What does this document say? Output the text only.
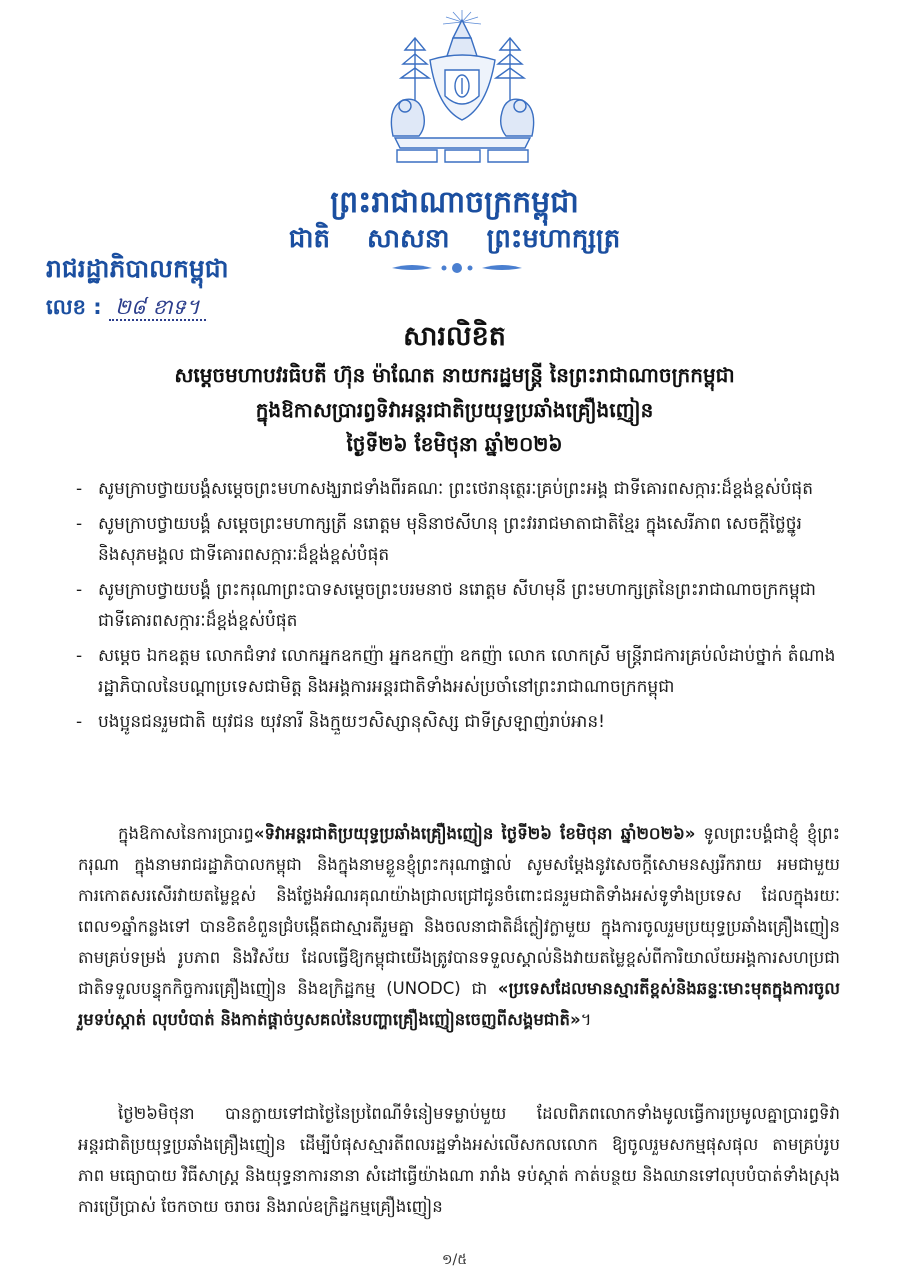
ព្រះរាជាណាចក្រកម្ពុជា
ជាតិ សាសនា ព្រះមហាក្សត្រ
រាជរដ្ឋាភិបាលកម្ពុជា
លេខ : ២៨ ខាទ។
សារលិខិត
សម្តេចមហាបវរធិបតី ហ៊ុន ម៉ាណែត នាយករដ្ឋមន្ត្រី នៃព្រះរាជាណាចក្រកម្ពុជា
ក្នុងឱកាសប្រារព្ធទិវាអន្តរជាតិប្រយុទ្ធប្រឆាំងគ្រឿងញៀន
ថ្ងៃទី២៦ ខែមិថុនា ឆ្នាំ២០២៦
- សូមក្រាបថ្វាយបង្គំសម្តេចព្រះមហាសង្ឃរាជទាំងពីរគណៈ ព្រះថេរានុត្ថេរៈគ្រប់ព្រះអង្គ ជាទីគោរពសក្ការៈដ៏ខ្ពង់ខ្ពស់បំផុត
- សូមក្រាបថ្វាយបង្គំ សម្តេចព្រះមហាក្សត្រី នរោត្តម មុនិនាថសីហនុ ព្រះវររាជមាតាជាតិខ្មែរ ក្នុងសេរីភាព សេចក្តីថ្លៃថ្នូរ និងសុភមង្គល ជាទីគោរពសក្ការៈដ៏ខ្ពង់ខ្ពស់បំផុត
- សូមក្រាបថ្វាយបង្គំ ព្រះករុណាព្រះបាទសម្តេចព្រះបរមនាថ នរោត្តម សីហមុនី ព្រះមហាក្សត្រនៃព្រះរាជាណាចក្រកម្ពុជា ជាទីគោរពសក្ការៈដ៏ខ្ពង់ខ្ពស់បំផុត
- សម្តេច ឯកឧត្តម លោកជំទាវ លោកអ្នកឧកញ៉ា អ្នកឧកញ៉ា ឧកញ៉ា លោក លោកស្រី មន្ត្រីរាជការគ្រប់លំដាប់ថ្នាក់ តំណាងរដ្ឋាភិបាលនៃបណ្តាប្រទេសជាមិត្ត និងអង្គការអន្តរជាតិទាំងអស់ប្រចាំនៅព្រះរាជាណាចក្រកម្ពុជា
- បងប្អូនជនរួមជាតិ យុវជន យុវនារី និងក្មួយៗសិស្សានុសិស្ស ជាទីស្រឡាញ់រាប់អាន!

ក្នុងឱកាសនៃការប្រារព្ធ«ទិវាអន្តរជាតិប្រយុទ្ធប្រឆាំងគ្រឿងញៀន ថ្ងៃទី២៦ ខែមិថុនា ឆ្នាំ២០២៦» ទូលព្រះបង្គំជាខ្ញុំ ខ្ញុំព្រះករុណា ក្នុងនាមរាជរដ្ឋាភិបាលកម្ពុជា និងក្នុងនាមខ្លួនខ្ញុំព្រះករុណាផ្ទាល់ សូមសម្តែងនូវសេចក្តីសោមនស្សរីករាយ អមជាមួយការកោតសរសើរវាយតម្លៃខ្ពស់ និងថ្លែងអំណរគុណយ៉ាងជ្រាលជ្រៅជូនចំពោះជនរួមជាតិទាំងអស់ទូទាំងប្រទេស ដែលក្នុងរយៈពេល១ឆ្នាំកន្លងទៅ បានខិតខំពួនជ្រំបង្កើតជាស្មារតីរួមគ្នា និងចលនាជាតិដ៏ក្លៀវក្លាមួយ ក្នុងការចូលរួមប្រយុទ្ធប្រឆាំងគ្រឿងញៀន តាមគ្រប់ទម្រង់ រូបភាព និងវិស័យ ដែលធ្វើឱ្យកម្ពុជាយើងត្រូវបានទទួលស្គាល់និងវាយតម្លៃខ្ពស់ពីការិយាល័យអង្គការសហប្រជាជាតិទទួលបន្ទុកកិច្ចការគ្រឿងញៀន និងឧក្រិដ្ឋកម្ម (UNODC) ជា «ប្រទេសដែលមានស្មារតីខ្ពស់និងឆន្ទៈមោះមុតក្នុងការចូលរួមទប់ស្កាត់ លុបបំបាត់ និងកាត់ផ្តាច់ឫសគល់នៃបញ្ហាគ្រឿងញៀនចេញពីសង្គមជាតិ»។

ថ្ងៃ២៦មិថុនា បានក្លាយទៅជាថ្ងៃនៃប្រពៃណីទំនៀមទម្លាប់មួយ ដែលពិភពលោកទាំងមូលធ្វើការប្រមូលគ្នាប្រារព្ធទិវាអន្តរជាតិប្រយុទ្ធប្រឆាំងគ្រឿងញៀន ដើម្បីបំផុសស្មារតីពលរដ្ឋទាំងអស់លើសកលលោក ឱ្យចូលរួមសកម្មផុសផុល តាមគ្រប់រូបភាព មធ្យោបាយ វិធីសាស្ត្រ និងយុទ្ធនាការនានា សំដៅធ្វើយ៉ាងណា រារាំង ទប់ស្កាត់ កាត់បន្ថយ និងឈានទៅលុបបំបាត់ទាំងស្រុង ការប្រើប្រាស់ ចែកចាយ ចរាចរ និងរាល់ឧក្រិដ្ឋកម្មគ្រឿងញៀន

១/៥
